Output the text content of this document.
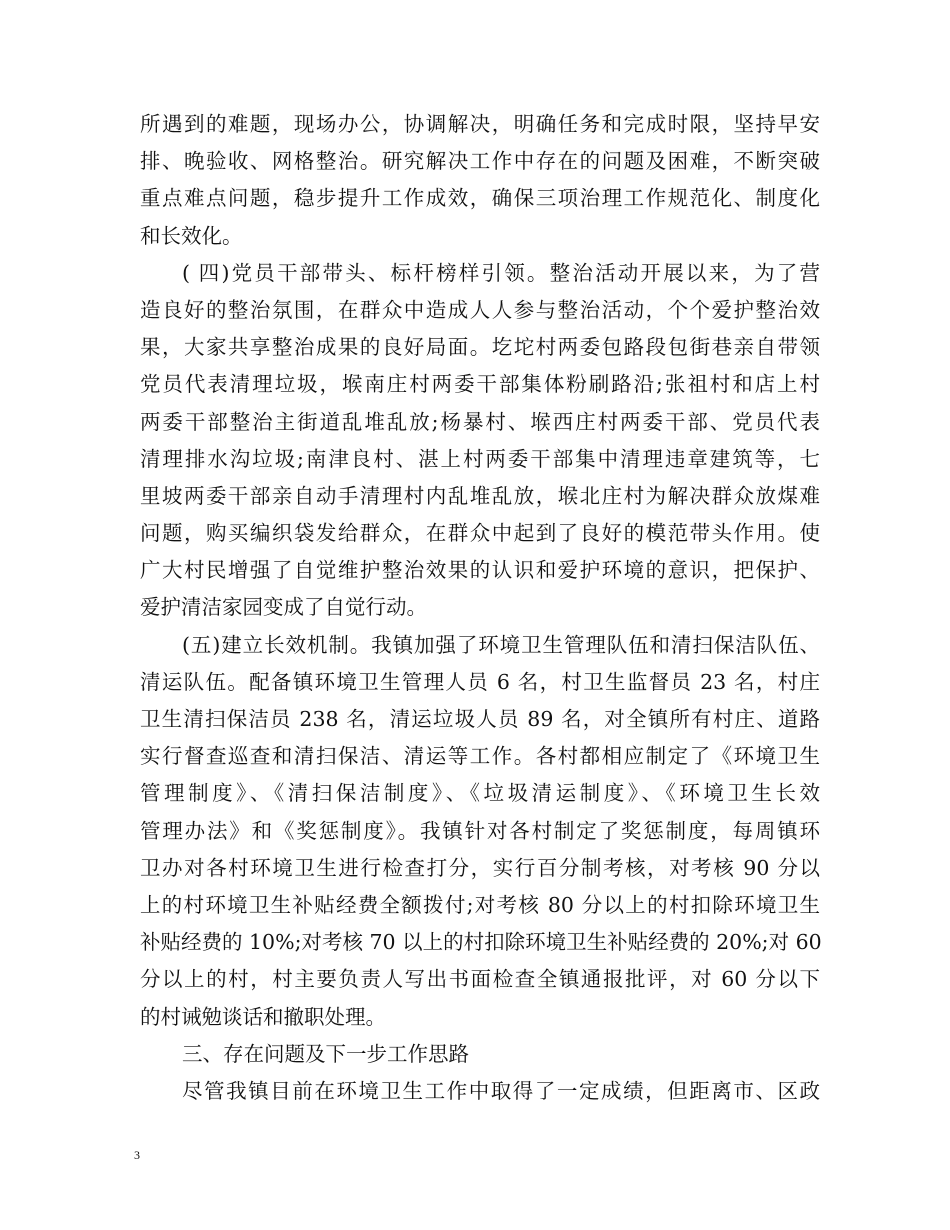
所遇到的难题，现场办公，协调解决，明确任务和完成时限，坚持早安
排、晚验收、网格整治。研究解决工作中存在的问题及困难，不断突破
重点难点问题，稳步提升工作成效，确保三项治理工作规范化、制度化
和长效化。
( 四)党员干部带头、标杆榜样引领。整治活动开展以来，为了营
造良好的整治氛围，在群众中造成人人参与整治活动，个个爱护整治效
果，大家共享整治成果的良好局面。圪坨村两委包路段包街巷亲自带领
党员代表清理垃圾，堠南庄村两委干部集体粉刷路沿;张祖村和店上村
两委干部整治主街道乱堆乱放;杨暴村、堠西庄村两委干部、党员代表
清理排水沟垃圾;南津良村、湛上村两委干部集中清理违章建筑等，七
里坡两委干部亲自动手清理村内乱堆乱放，堠北庄村为解决群众放煤难
问题，购买编织袋发给群众，在群众中起到了良好的模范带头作用。使
广大村民增强了自觉维护整治效果的认识和爱护环境的意识，把保护、
爱护清洁家园变成了自觉行动。
(五)建立长效机制。我镇加强了环境卫生管理队伍和清扫保洁队伍、
清运队伍。配备镇环境卫生管理人员 6 名，村卫生监督员 23 名，村庄
卫生清扫保洁员 238 名，清运垃圾人员 89 名，对全镇所有村庄、道路
实行督查巡查和清扫保洁、清运等工作。各村都相应制定了《环境卫生
管理制度》、《清扫保洁制度》、《垃圾清运制度》、《环境卫生长效
管理办法》和《奖惩制度》。我镇针对各村制定了奖惩制度，每周镇环
卫办对各村环境卫生进行检查打分，实行百分制考核，对考核 90 分以
上的村环境卫生补贴经费全额拨付;对考核 80 分以上的村扣除环境卫生
补贴经费的 10%;对考核 70 以上的村扣除环境卫生补贴经费的 20%;对 60
分以上的村，村主要负责人写出书面检查全镇通报批评，对 60 分以下
的村诫勉谈话和撤职处理。
三、存在问题及下一步工作思路
尽管我镇目前在环境卫生工作中取得了一定成绩，但距离市、区政
3
